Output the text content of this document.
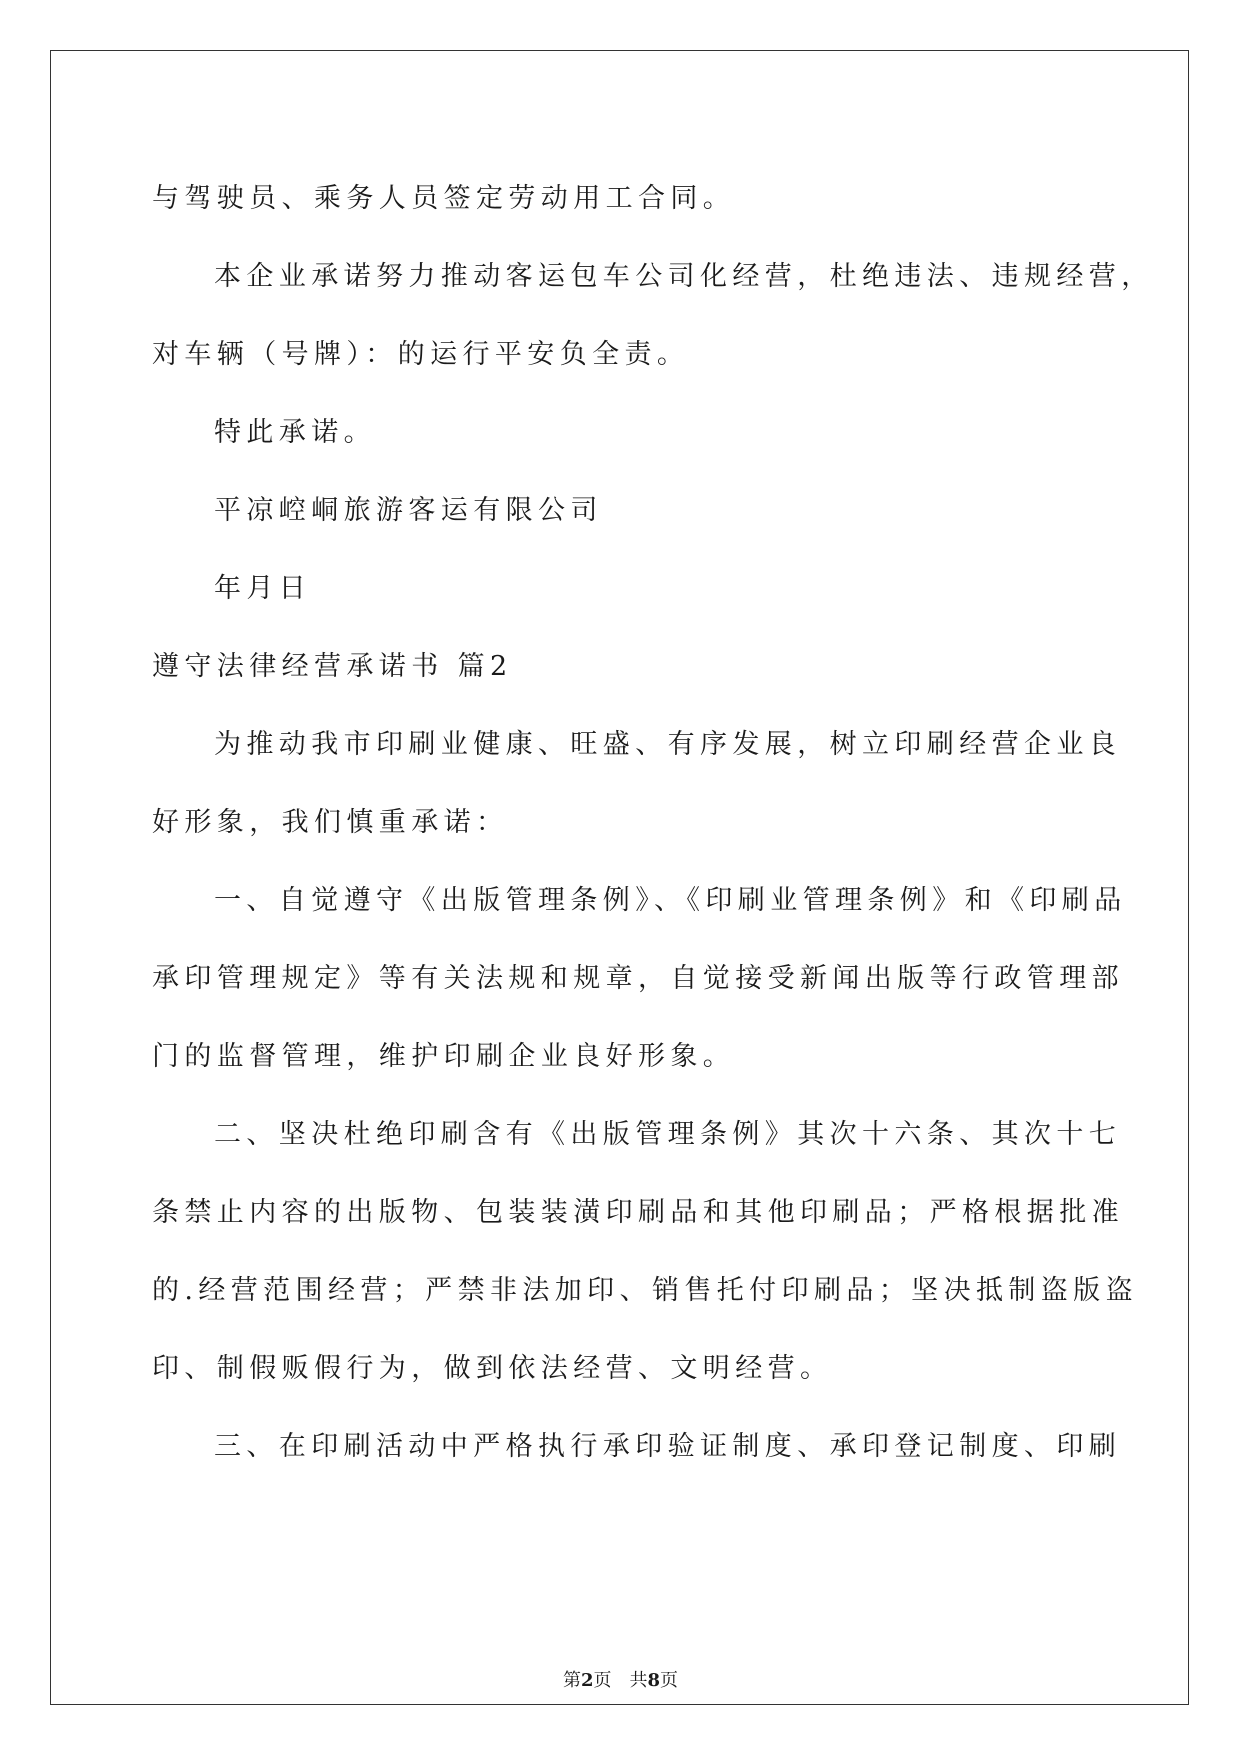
与驾驶员、乘务人员签定劳动用工合同。
本企业承诺努力推动客运包车公司化经营，杜绝违法、违规经营，
对车辆（号牌）：的运行平安负全责。
特此承诺。
平凉崆峒旅游客运有限公司
年月日
遵守法律经营承诺书 篇2
为推动我市印刷业健康、旺盛、有序发展，树立印刷经营企业良
好形象，我们慎重承诺：
一、自觉遵守《出版管理条例》、《印刷业管理条例》和《印刷品
承印管理规定》等有关法规和规章，自觉接受新闻出版等行政管理部
门的监督管理，维护印刷企业良好形象。
二、坚决杜绝印刷含有《出版管理条例》其次十六条、其次十七
条禁止内容的出版物、包装装潢印刷品和其他印刷品；严格根据批准
的.经营范围经营；严禁非法加印、销售托付印刷品；坚决抵制盗版盗
印、制假贩假行为，做到依法经营、文明经营。
三、在印刷活动中严格执行承印验证制度、承印登记制度、印刷
第2页　共8页
